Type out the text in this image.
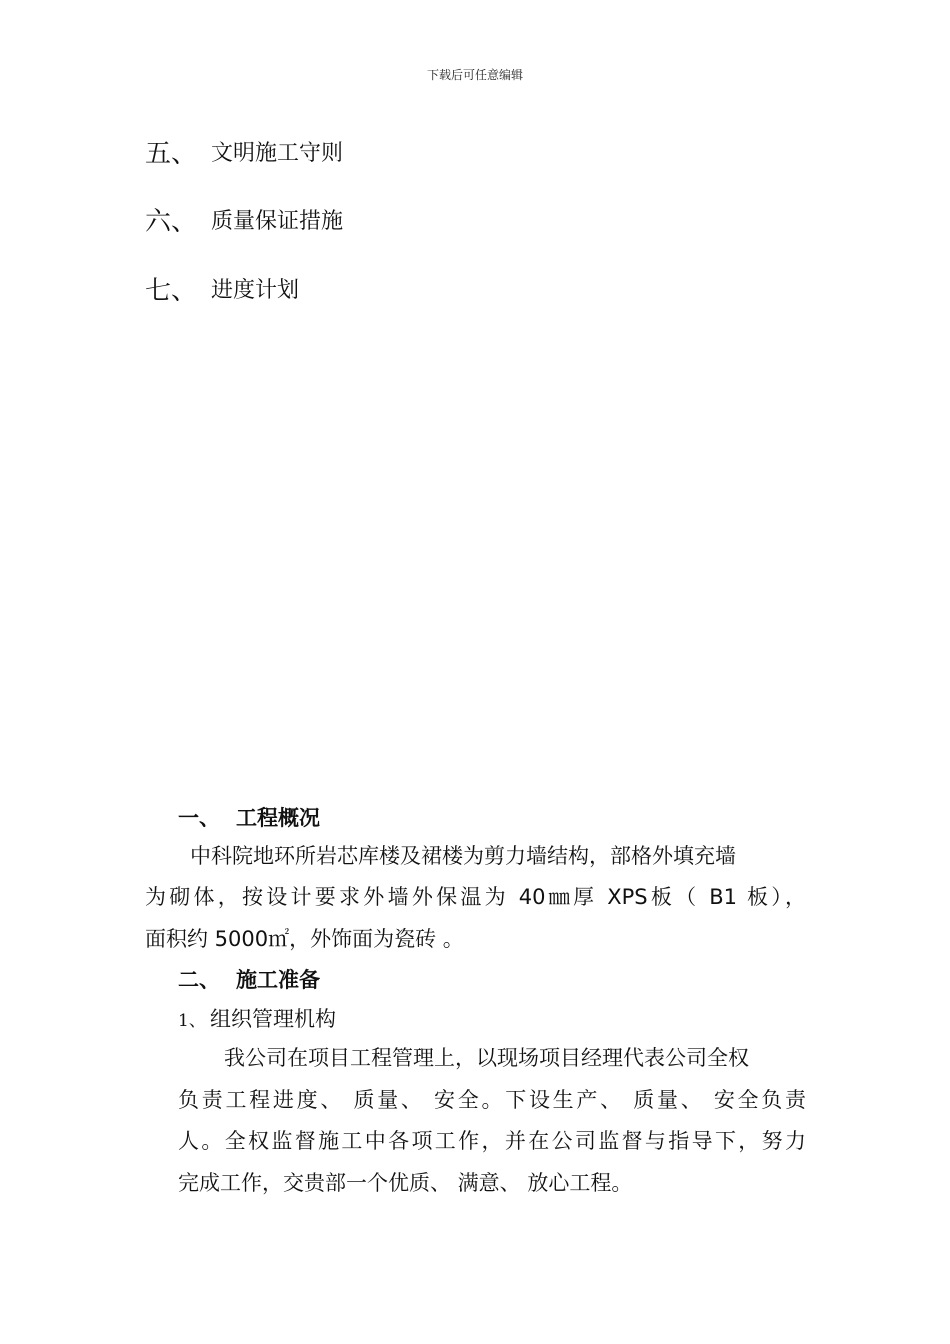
下载后可任意编辑
五、 文明施工守则
六、 质量保证措施
七、 进度计划
一、 工程概况
中科院地环所岩芯库楼及裙楼为剪力墙结构，部格外填充墙
为砌体，按设计要求外墙外保温为 40㎜厚 XPS板（ B1 板），
面积约 5000㎡，外饰面为瓷砖 。
二、 施工准备
1、 组织管理机构
我公司在项目工程管理上，以现场项目经理代表公司全权
负责工程进度、 质量、 安全。下设生产、 质量、 安全负责
人。全权监督施工中各项工作，并在公司监督与指导下，努力
完成工作，交贵部一个优质、 满意、 放心工程。
